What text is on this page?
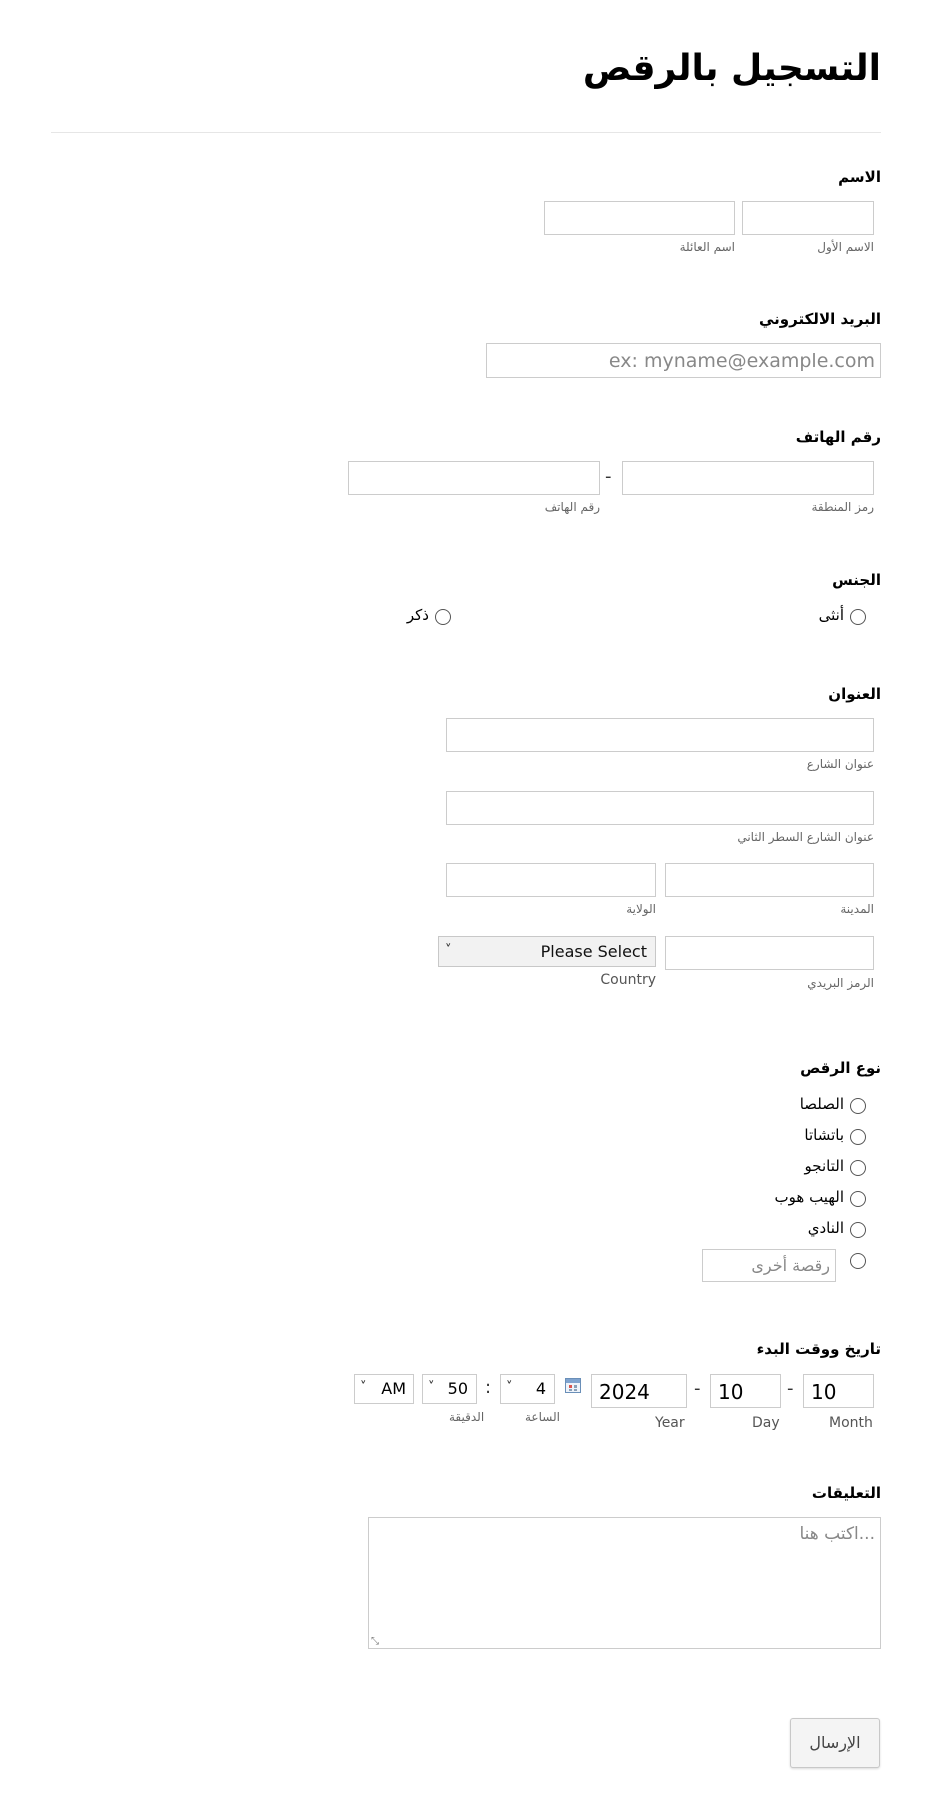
التسجيل بالرقص
الاسم
الاسم الأول
اسم العائلة
البريد الالكتروني
ex: myname@example.com
رقم الهاتف
-
رمز المنطقة
رقم الهاتف
الجنس
أنثى
ذكر
العنوان
عنوان الشارع
عنوان الشارع السطر الثاني
المدينة
الولاية
˅	Please Select
الرمز البريدي
Country
نوع الرقص
الصلصا
باتشاتا
التانجو
الهيب هوب
النادي
رقصة أخرى
تاريخ ووقت البدء
10
-
10
-
2024
Month
Day
Year
˅ 4
:
˅ 50
˅ AM
الساعة
الدقيقة
التعليقات
اكتب هنا...
⤡
الإرسال
